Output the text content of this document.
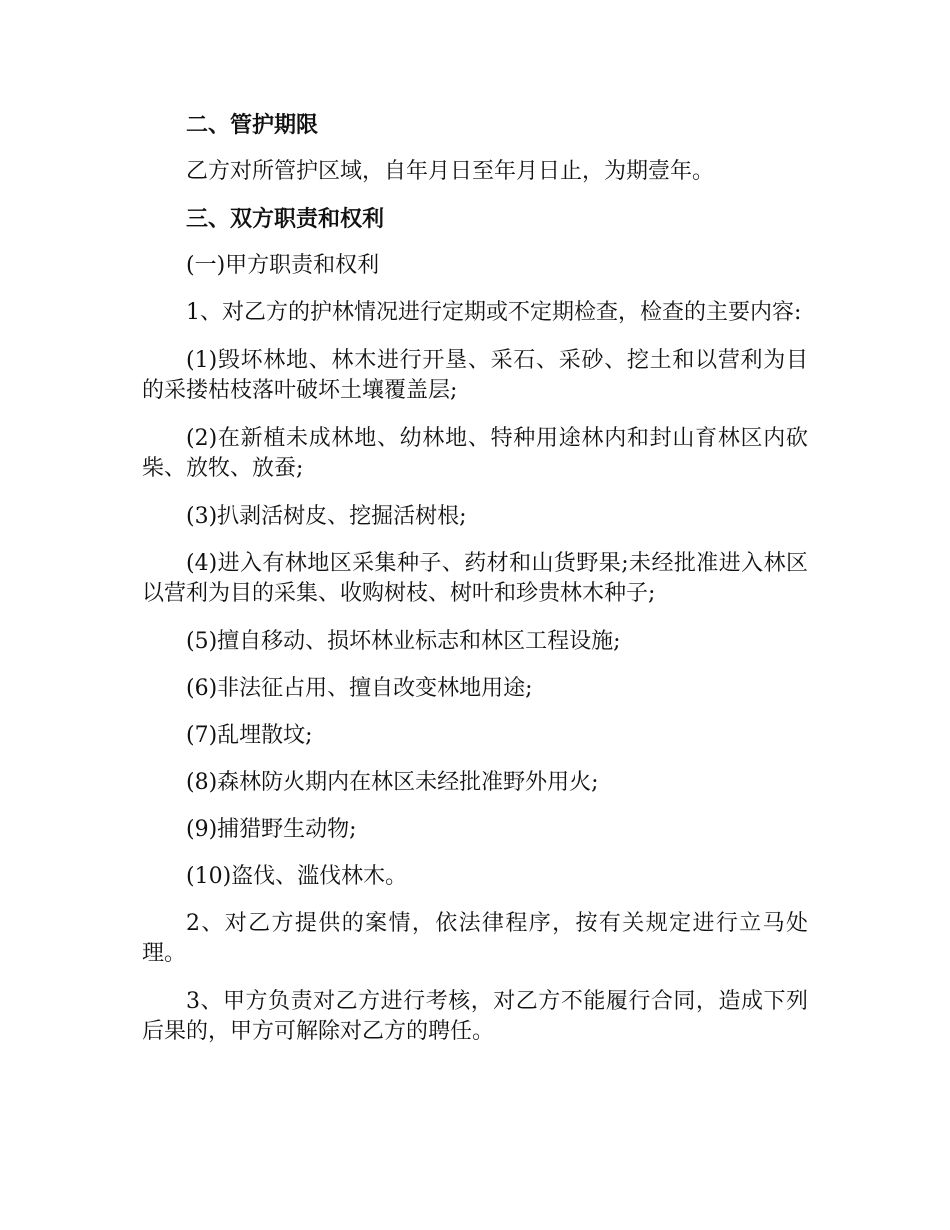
二、管护期限

乙方对所管护区域，自年月日至年月日止，为期壹年。

三、双方职责和权利

(一)甲方职责和权利

1、对乙方的护林情况进行定期或不定期检查，检查的主要内容:

(1)毁坏林地、林木进行开垦、采石、采砂、挖土和以营利为目的采搂枯枝落叶破坏土壤覆盖层;

(2)在新植未成林地、幼林地、特种用途林内和封山育林区内砍柴、放牧、放蚕;

(3)扒剥活树皮、挖掘活树根;

(4)进入有林地区采集种子、药材和山货野果;未经批准进入林区以营利为目的采集、收购树枝、树叶和珍贵林木种子;

(5)擅自移动、损坏林业标志和林区工程设施;

(6)非法征占用、擅自改变林地用途;

(7)乱埋散坟;

(8)森林防火期内在林区未经批准野外用火;

(9)捕猎野生动物;

(10)盗伐、滥伐林木。

2、对乙方提供的案情，依法律程序，按有关规定进行立马处理。

3、甲方负责对乙方进行考核，对乙方不能履行合同，造成下列后果的，甲方可解除对乙方的聘任。
